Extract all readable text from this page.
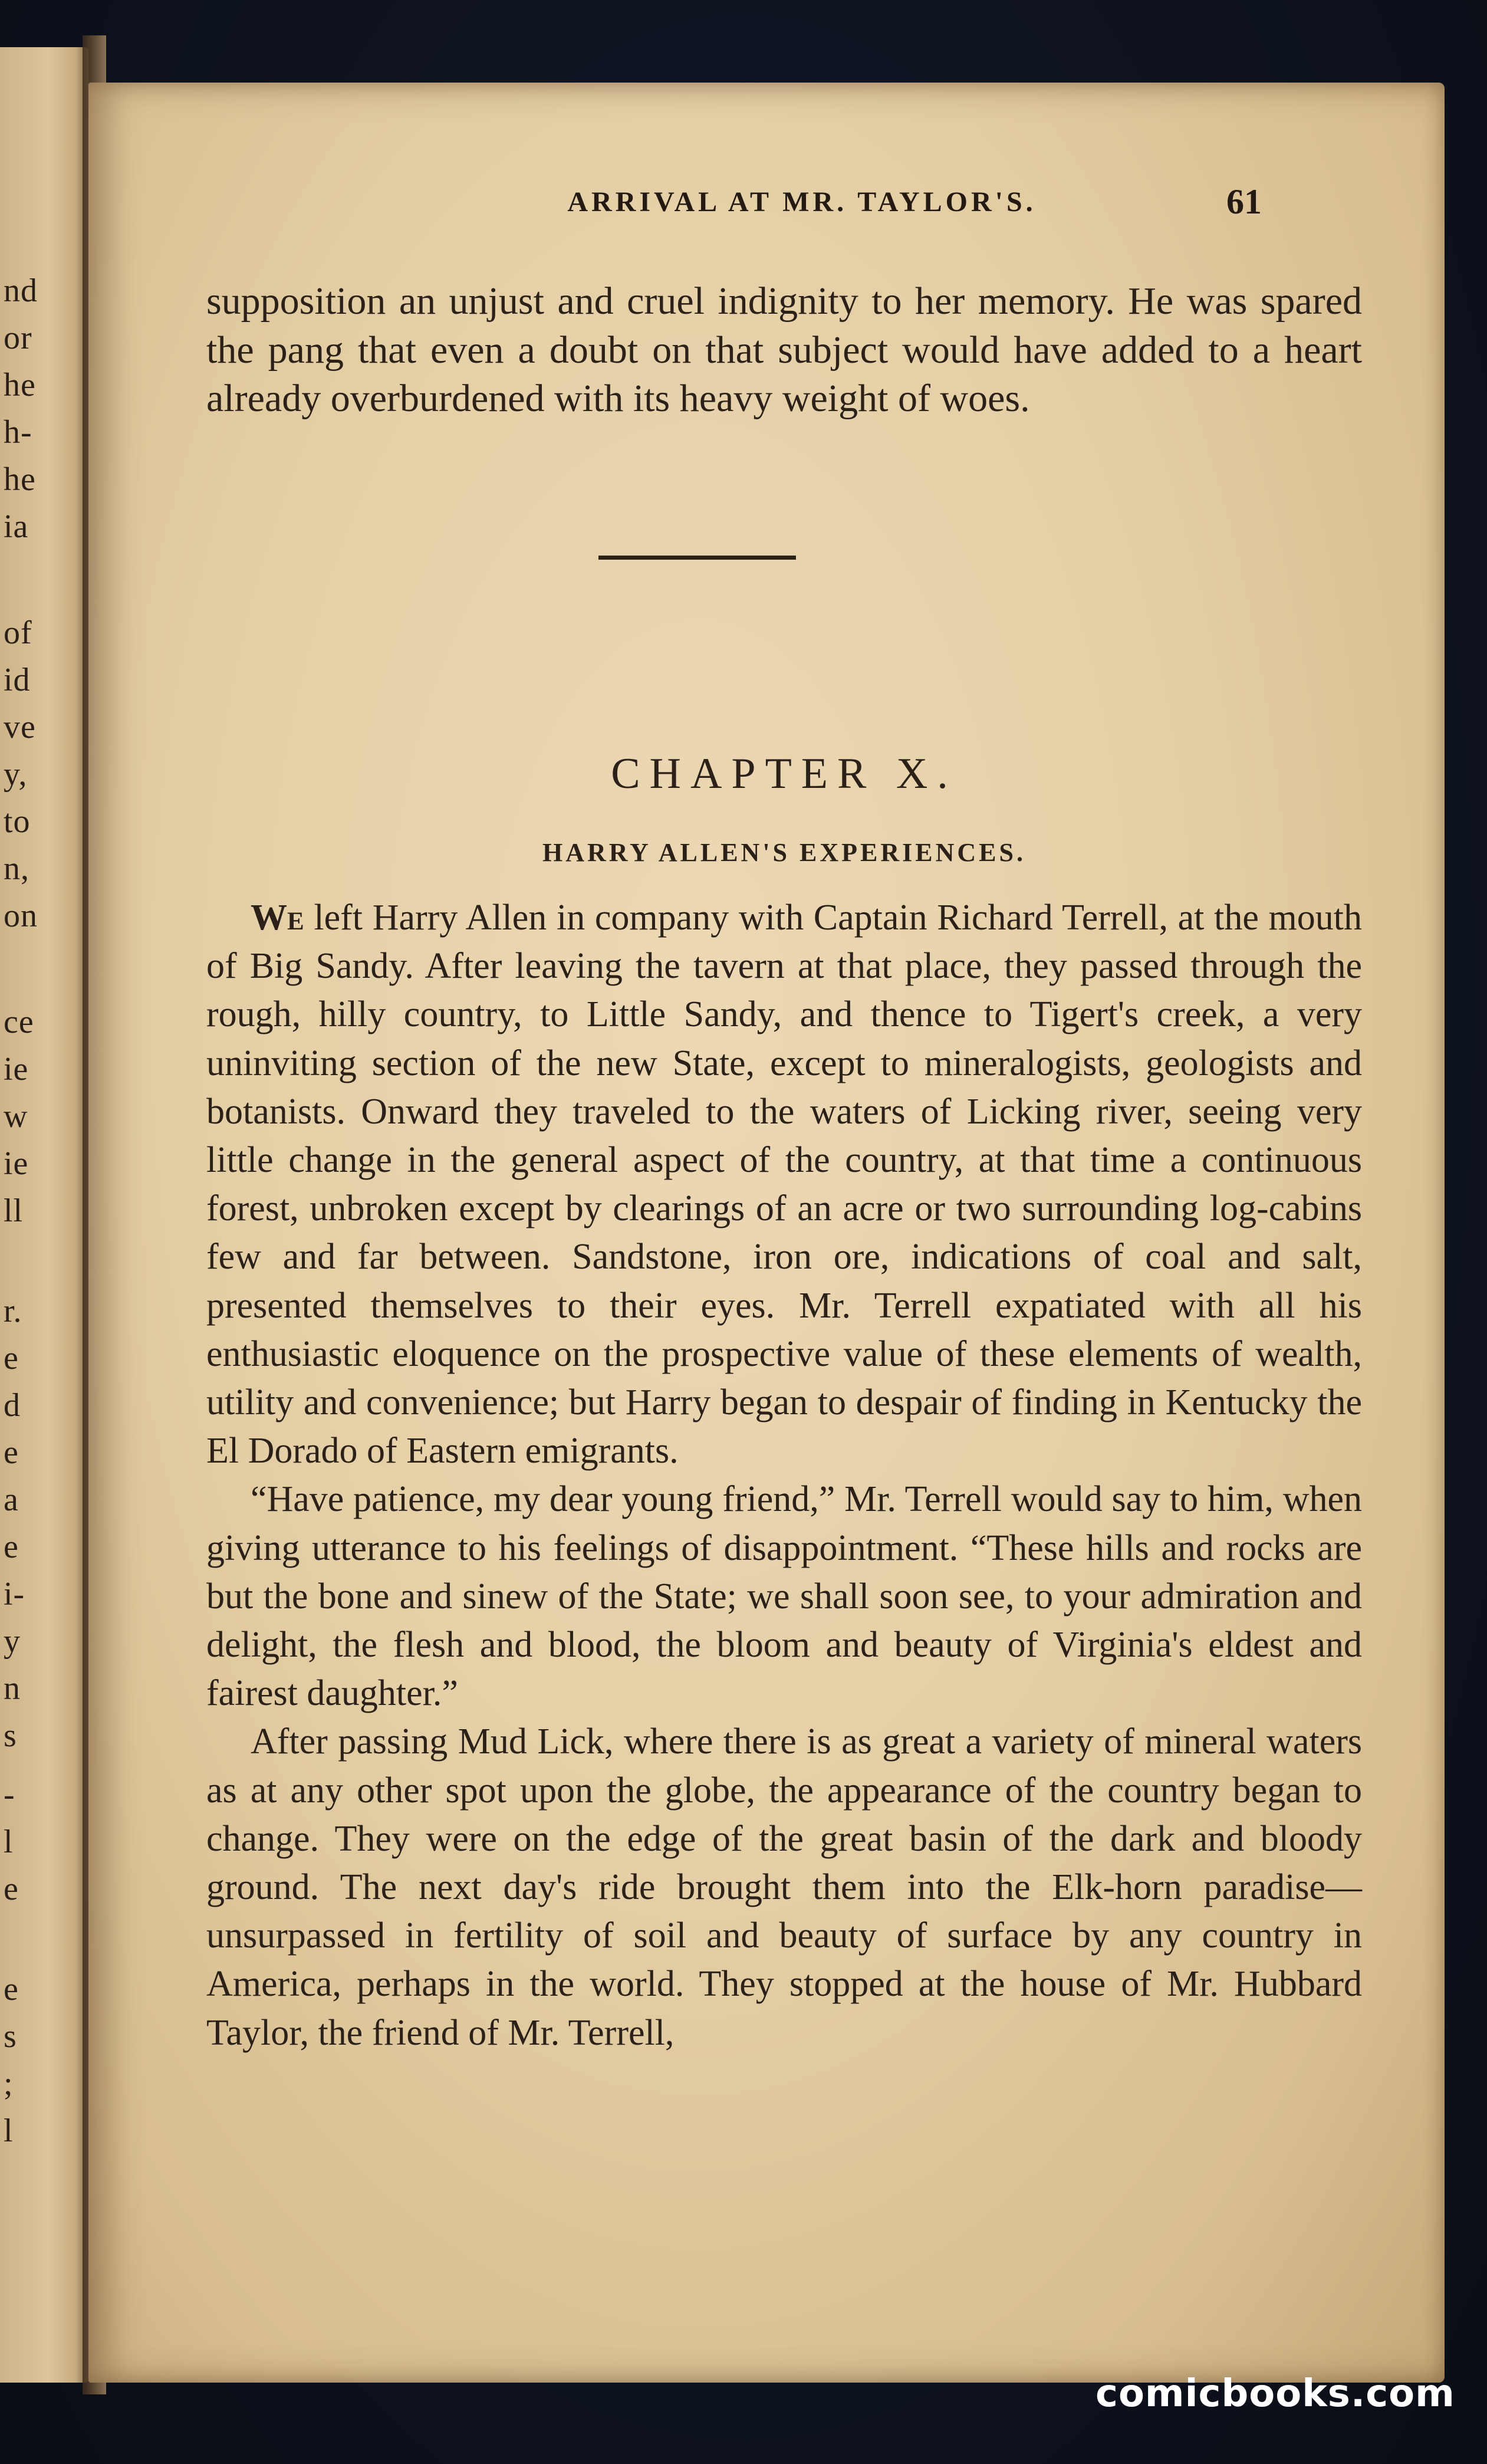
nd
or
he
h-
he
ia
of
id
ve
y,
to
n,
on
ce
ie
w
ie
ll
r.
e
d
e
a
e
i-
y
n
s
-
l
e
e
s
;
l
ARRIVAL AT MR. TAYLOR'S.	61

supposition an unjust and cruel indignity to her memory. He was spared the pang that even a doubt on that subject would have added to a heart already overburdened with its heavy weight of woes.

CHAPTER X.
HARRY ALLEN'S EXPERIENCES.

We left Harry Allen in company with Captain Richard Terrell, at the mouth of Big Sandy. After leaving the tavern at that place, they passed through the rough, hilly country, to Little Sandy, and thence to Tigert's creek, a very uninviting section of the new State, except to mineralogists, geologists and botanists. Onward they traveled to the waters of Licking river, seeing very little change in the general aspect of the country, at that time a continuous forest, unbroken except by clearings of an acre or two surrounding log-cabins few and far between. Sandstone, iron ore, indications of coal and salt, presented themselves to their eyes. Mr. Terrell expatiated with all his enthusiastic eloquence on the prospective value of these elements of wealth, utility and convenience; but Harry began to despair of finding in Kentucky the El Dorado of Eastern emigrants.

“Have patience, my dear young friend,” Mr. Terrell would say to him, when giving utterance to his feelings of disappointment. “These hills and rocks are but the bone and sinew of the State; we shall soon see, to your admiration and delight, the flesh and blood, the bloom and beauty of Virginia's eldest and fairest daughter.”

After passing Mud Lick, where there is as great a variety of mineral waters as at any other spot upon the globe, the appearance of the country began to change. They were on the edge of the great basin of the dark and bloody ground. The next day's ride brought them into the Elk-horn paradise—unsurpassed in fertility of soil and beauty of surface by any country in America, perhaps in the world. They stopped at the house of Mr. Hubbard Taylor, the friend of Mr. Terrell,

comicbooks.com
